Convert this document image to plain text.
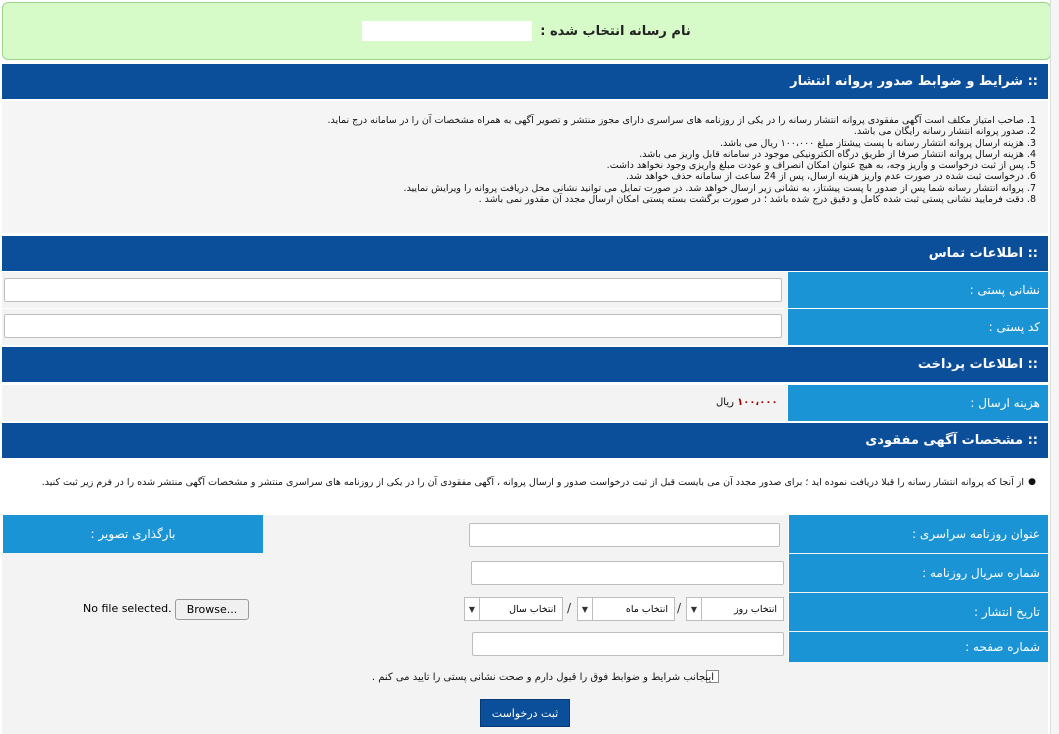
نام رسانه انتخاب شده :
:: شرایط و ضوابط صدور پروانه انتشار
1. صاحب امتیاز مکلف است آگهی مفقودی پروانه انتشار رسانه را در یکی از روزنامه های سراسری دارای مجوز منتشر و تصویر آگهی به همراه مشخصات آن را در سامانه درج نماید.
2. صدور پروانه انتشار رسانه رایگان می باشد.
3. هزینه ارسال پروانه انتشار رسانه با پست پیشتاز مبلغ ۱۰۰،۰۰۰ ریال می باشد.
4. هزینه ارسال پروانه انتشار صرفا از طریق درگاه الکترونیکی موجود در سامانه قابل واریز می باشد.
5. پس از ثبت درخواست و واریز وجه، به هیچ عنوان امکان انصراف و عودت مبلغ واریزی وجود نخواهد داشت.
6. درخواست ثبت شده در صورت عدم واریز هزینه ارسال، پس از 24 ساعت از سامانه حذف خواهد شد.
7. پروانه انتشار رسانه شما پس از صدور با پست پیشتاز، به نشانی زیر ارسال خواهد شد. در صورت تمایل می توانید نشانی محل دریافت پروانه را ویرایش نمایید.
8. دقت فرمایید نشانی پستی ثبت شده کامل و دقیق درج شده باشد ؛ در صورت برگشت بسته پستی امکان ارسال مجدد آن مقدور نمی باشد .
:: اطلاعات تماس
نشانی پستی :
کد پستی :
:: اطلاعات پرداخت
هزینه ارسال :
۱۰۰،۰۰۰ ریال
:: مشخصات آگهی مفقودی
●
از آنجا که پروانه انتشار رسانه را قبلا دریافت نموده اید ؛ برای صدور مجدد آن می بایست قبل از ثبت درخواست صدور و ارسال پروانه ، آگهی مفقودی آن را در یکی از روزنامه های سراسری منتشر و مشخصات آگهی منتشر شده را در فرم زیر ثبت کنید.
عنوان روزنامه سراسری :
شماره سریال روزنامه :
تاریخ انتشار :
انتخاب روز
▼
/
انتخاب ماه
▼
/
انتخاب سال
▼
شماره صفحه :
بارگذاری تصویر :
Browse...
No file selected.
اینجانب شرایط و ضوابط فوق را قبول دارم و صحت نشانی پستی را تایید می کنم .
ثبت درخواست
